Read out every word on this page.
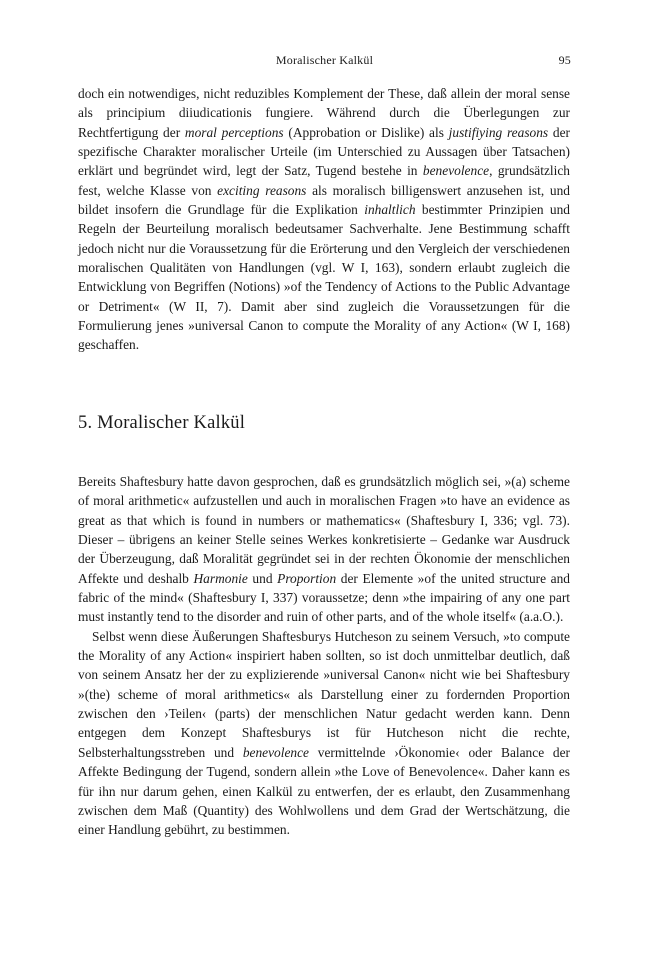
Moralischer Kalkül	95

doch ein notwendiges, nicht reduzibles Komplement der These, daß allein der moral sense als principium diiudicationis fungiere. Während durch die Überlegungen zur Rechtfertigung der moral perceptions (Approbation or Dislike) als justifiying reasons der spezifische Charakter moralischer Urteile (im Unterschied zu Aussagen über Tatsachen) erklärt und begründet wird, legt der Satz, Tugend bestehe in benevolence, grundsätzlich fest, welche Klasse von exciting reasons als moralisch billigenswert anzusehen ist, und bildet insofern die Grundlage für die Explikation inhaltlich bestimmter Prinzipien und Regeln der Beurteilung moralisch bedeutsamer Sachverhalte. Jene Bestimmung schafft jedoch nicht nur die Voraussetzung für die Erörterung und den Vergleich der verschiedenen moralischen Qualitäten von Handlungen (vgl. W I, 163), sondern erlaubt zugleich die Entwicklung von Begriffen (Notions) »of the Tendency of Actions to the Public Advantage or Detriment« (W II, 7). Damit aber sind zugleich die Voraussetzungen für die Formulierung jenes »universal Canon to compute the Morality of any Action« (W I, 168) geschaffen.

5. Moralischer Kalkül

Bereits Shaftesbury hatte davon gesprochen, daß es grundsätzlich möglich sei, »(a) scheme of moral arithmetic« aufzustellen und auch in moralischen Fragen »to have an evidence as great as that which is found in numbers or mathematics« (Shaftesbury I, 336; vgl. 73). Dieser – übrigens an keiner Stelle seines Werkes konkretisierte – Gedanke war Ausdruck der Überzeugung, daß Moralität gegründet sei in der rechten Ökonomie der menschlichen Affekte und deshalb Harmonie und Proportion der Elemente »of the united structure and fabric of the mind« (Shaftesbury I, 337) voraussetze; denn »the impairing of any one part must instantly tend to the disorder and ruin of other parts, and of the whole itself« (a.a.O.).

Selbst wenn diese Äußerungen Shaftesburys Hutcheson zu seinem Versuch, »to compute the Morality of any Action« inspiriert haben sollten, so ist doch unmittelbar deutlich, daß von seinem Ansatz her der zu explizierende »universal Canon« nicht wie bei Shaftesbury »(the) scheme of moral arithmetics« als Darstellung einer zu fordernden Proportion zwischen den ›Teilen‹ (parts) der menschlichen Natur gedacht werden kann. Denn entgegen dem Konzept Shaftesburys ist für Hutcheson nicht die rechte, Selbsterhaltungsstreben und benevolence vermittelnde ›Ökonomie‹ oder Balance der Affekte Bedingung der Tugend, sondern allein »the Love of Benevolence«. Daher kann es für ihn nur darum gehen, einen Kalkül zu entwerfen, der es erlaubt, den Zusammenhang zwischen dem Maß (Quantity) des Wohlwollens und dem Grad der Wertschätzung, die einer Handlung gebührt, zu bestimmen.
